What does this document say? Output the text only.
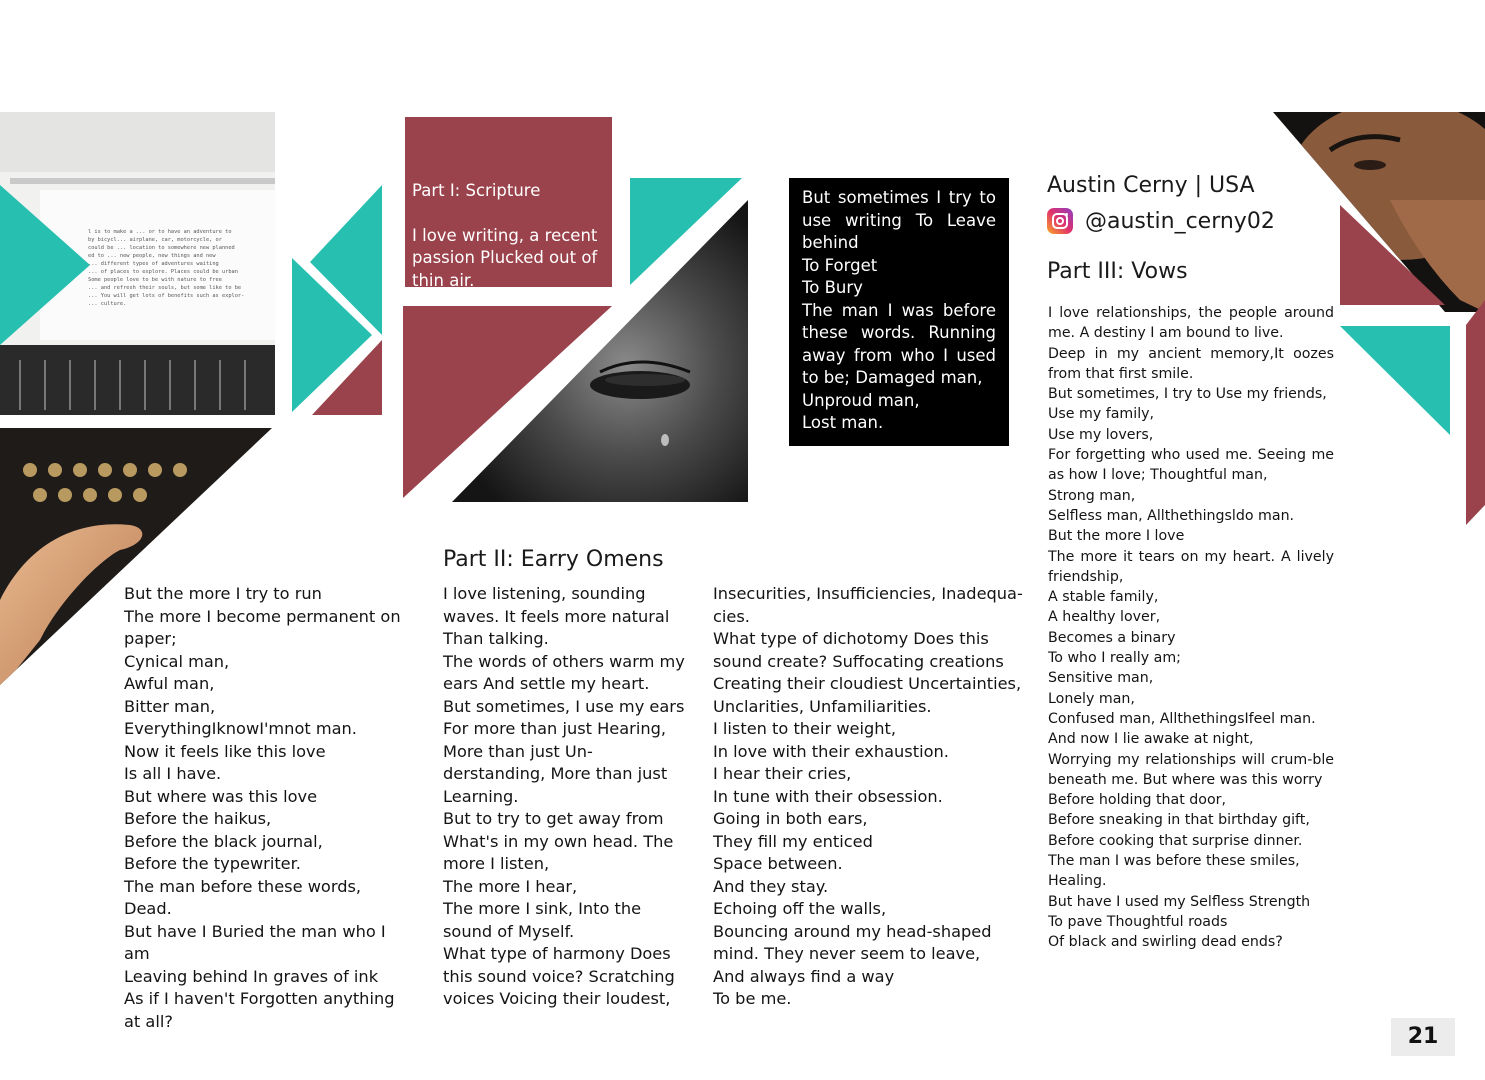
l is to make a ... or to have an adventure to
by bicycl... airplane, car, motorcycle, or
could be ... location to somewhere new planned
ed to ... new people, new things and new
... different types of adventures waiting
... of places to explore. Places could be urban
Some people love to be with nature to free
... and refresh their souls, but some like to be
... You will get lots of benefits such as explor-
... culture.

Part I: Scripture

I love writing, a recent passion Plucked out of thin air.

But sometimes I try to use writing To Leave behind
To Forget
To Bury
The man I was before these words. Running away from who I used to be; Damaged man,
Unproud man,
Lost man.
Austin Cerny | USA
@austin_cerny02
Part III: Vows
Part II: Earry Omens
But the more I try to run
The more I become permanent on paper;
Cynical man,
Awful man,
Bitter man,
EverythingIknowI'mnot man.
Now it feels like this love
Is all I have.
But where was this love
Before the haikus,
Before the black journal,
Before the typewriter.
The man before these words,
Dead.
But have I Buried the man who I am
Leaving behind In graves of ink
As if I haven't Forgotten anything at all?
I love listening, sounding waves. It feels more natural Than talking.
The words of others warm my ears And settle my heart.
But sometimes, I use my ears For more than just Hearing, More than just Un-derstanding, More than just Learning.
But to try to get away from What's in my own head. The more I listen,
The more I hear,
The more I sink, Into the sound of Myself.
What type of harmony Does this sound voice? Scratching voices Voicing their loudest,
Insecurities, Insufficiencies, Inadequa-cies.
What type of dichotomy Does this sound create? Suffocating creations
Creating their cloudiest Uncertainties,
Unclarities, Unfamiliarities.
I listen to their weight,
In love with their exhaustion.
I hear their cries,
In tune with their obsession.
Going in both ears,
They fill my enticed
Space between.
And they stay.
Echoing off the walls,
Bouncing around my head-shaped mind. They never seem to leave,
And always find a way
To be me.

I love relationships, the people around me. A destiny I am bound to live.

Deep in my ancient memory,It oozes from that first smile.

But sometimes, I try to Use my friends,

Use my family,

Use my lovers,

For forgetting who used me. Seeing me as how I love; Thoughtful man,

Strong man,

Selfless man, Allthethingsldo man.

But the more I love

The more it tears on my heart. A lively friendship,

A stable family,

A healthy lover,

Becomes a binary

To who I really am;

Sensitive man,

Lonely man,

Confused man, AllthethingsIfeel man.

And now I lie awake at night,

Worrying my relationships will crum-ble beneath me. But where was this worry

Before holding that door,

Before sneaking in that birthday gift,

Before cooking that surprise dinner.

The man I was before these smiles,

Healing.

But have I used my Selfless Strength

To pave Thoughtful roads

Of black and swirling dead ends?

21
